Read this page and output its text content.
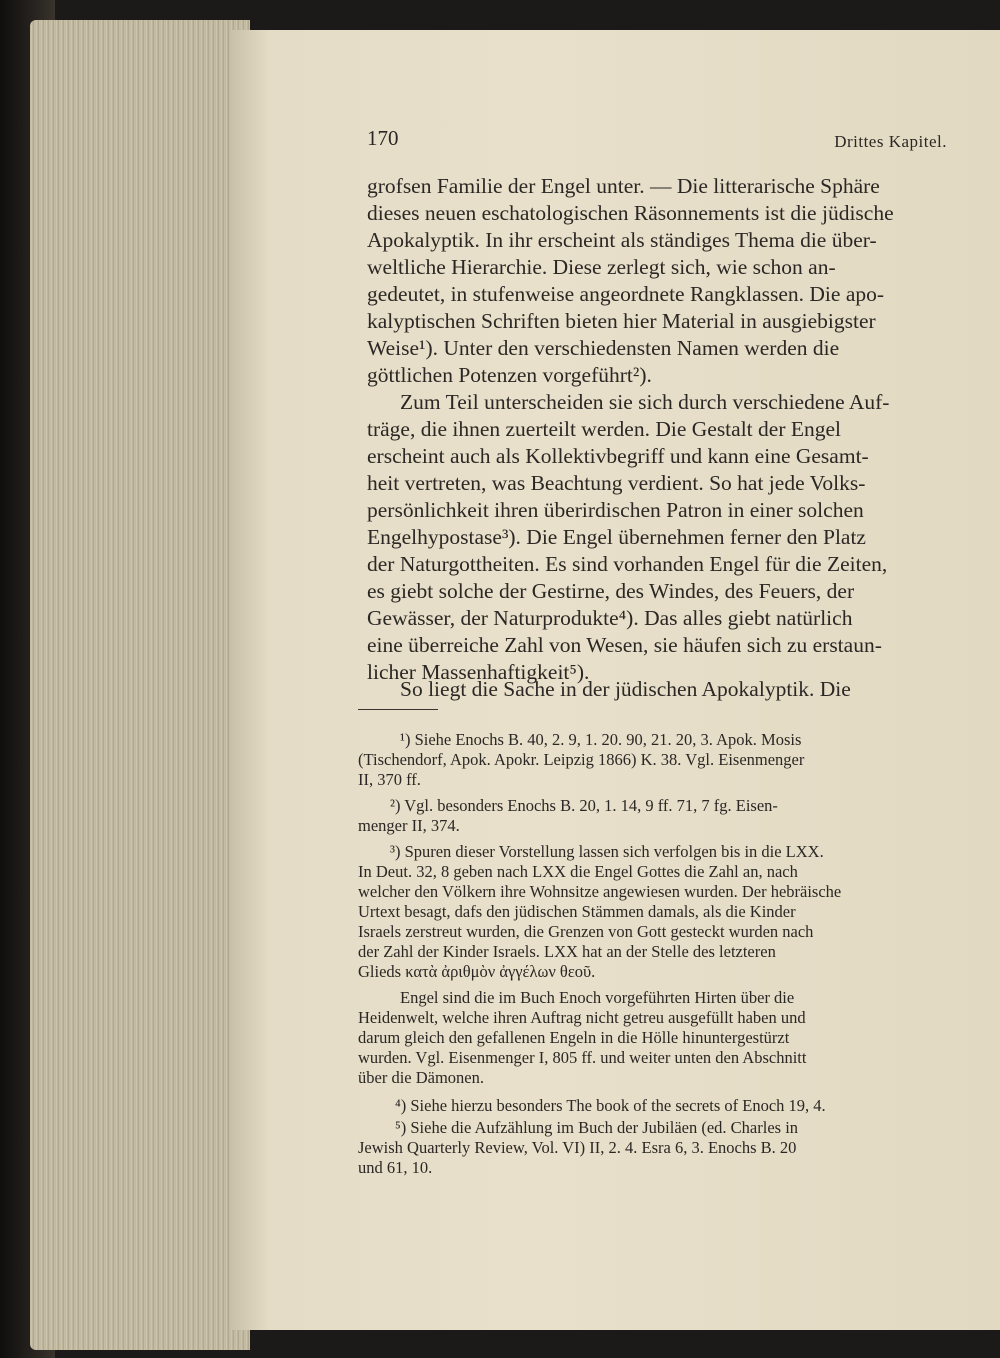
170	Drittes Kapitel.
grofsen Familie der Engel unter. — Die litterarische Sphäre
dieses neuen eschatologischen Räsonnements ist die jüdische
Apokalyptik. In ihr erscheint als ständiges Thema die über-
weltliche Hierarchie. Diese zerlegt sich, wie schon an-
gedeutet, in stufenweise angeordnete Rangklassen. Die apo-
kalyptischen Schriften bieten hier Material in ausgiebigster
Weise¹). Unter den verschiedensten Namen werden die
göttlichen Potenzen vorgeführt²).
Zum Teil unterscheiden sie sich durch verschiedene Auf-
träge, die ihnen zuerteilt werden. Die Gestalt der Engel
erscheint auch als Kollektivbegriff und kann eine Gesamt-
heit vertreten, was Beachtung verdient. So hat jede Volks-
persönlichkeit ihren überirdischen Patron in einer solchen
Engelhypostase³). Die Engel übernehmen ferner den Platz
der Naturgottheiten. Es sind vorhanden Engel für die Zeiten,
es giebt solche der Gestirne, des Windes, des Feuers, der
Gewässer, der Naturprodukte⁴). Das alles giebt natürlich
eine überreiche Zahl von Wesen, sie häufen sich zu erstaun-
licher Massenhaftigkeit⁵).
So liegt die Sache in der jüdischen Apokalyptik. Die
¹) Siehe Enochs B. 40, 2. 9, 1. 20. 90, 21. 20, 3. Apok. Mosis
(Tischendorf, Apok. Apokr. Leipzig 1866) K. 38. Vgl. Eisenmenger
II, 370 ff.
²) Vgl. besonders Enochs B. 20, 1. 14, 9 ff. 71, 7 fg. Eisen-
menger II, 374.
³) Spuren dieser Vorstellung lassen sich verfolgen bis in die LXX.
In Deut. 32, 8 geben nach LXX die Engel Gottes die Zahl an, nach
welcher den Völkern ihre Wohnsitze angewiesen wurden. Der hebräische
Urtext besagt, dafs den jüdischen Stämmen damals, als die Kinder
Israels zerstreut wurden, die Grenzen von Gott gesteckt wurden nach
der Zahl der Kinder Israels. LXX hat an der Stelle des letzteren
Glieds κατὰ ἀριθμὸν ἀγγέλων θεοῦ.
Engel sind die im Buch Enoch vorgeführten Hirten über die
Heidenwelt, welche ihren Auftrag nicht getreu ausgefüllt haben und
darum gleich den gefallenen Engeln in die Hölle hinuntergestürzt
wurden. Vgl. Eisenmenger I, 805 ff. und weiter unten den Abschnitt
über die Dämonen.
⁴) Siehe hierzu besonders The book of the secrets of Enoch 19, 4.
⁵) Siehe die Aufzählung im Buch der Jubiläen (ed. Charles in
Jewish Quarterly Review, Vol. VI) II, 2. 4. Esra 6, 3. Enochs B. 20
und 61, 10.
